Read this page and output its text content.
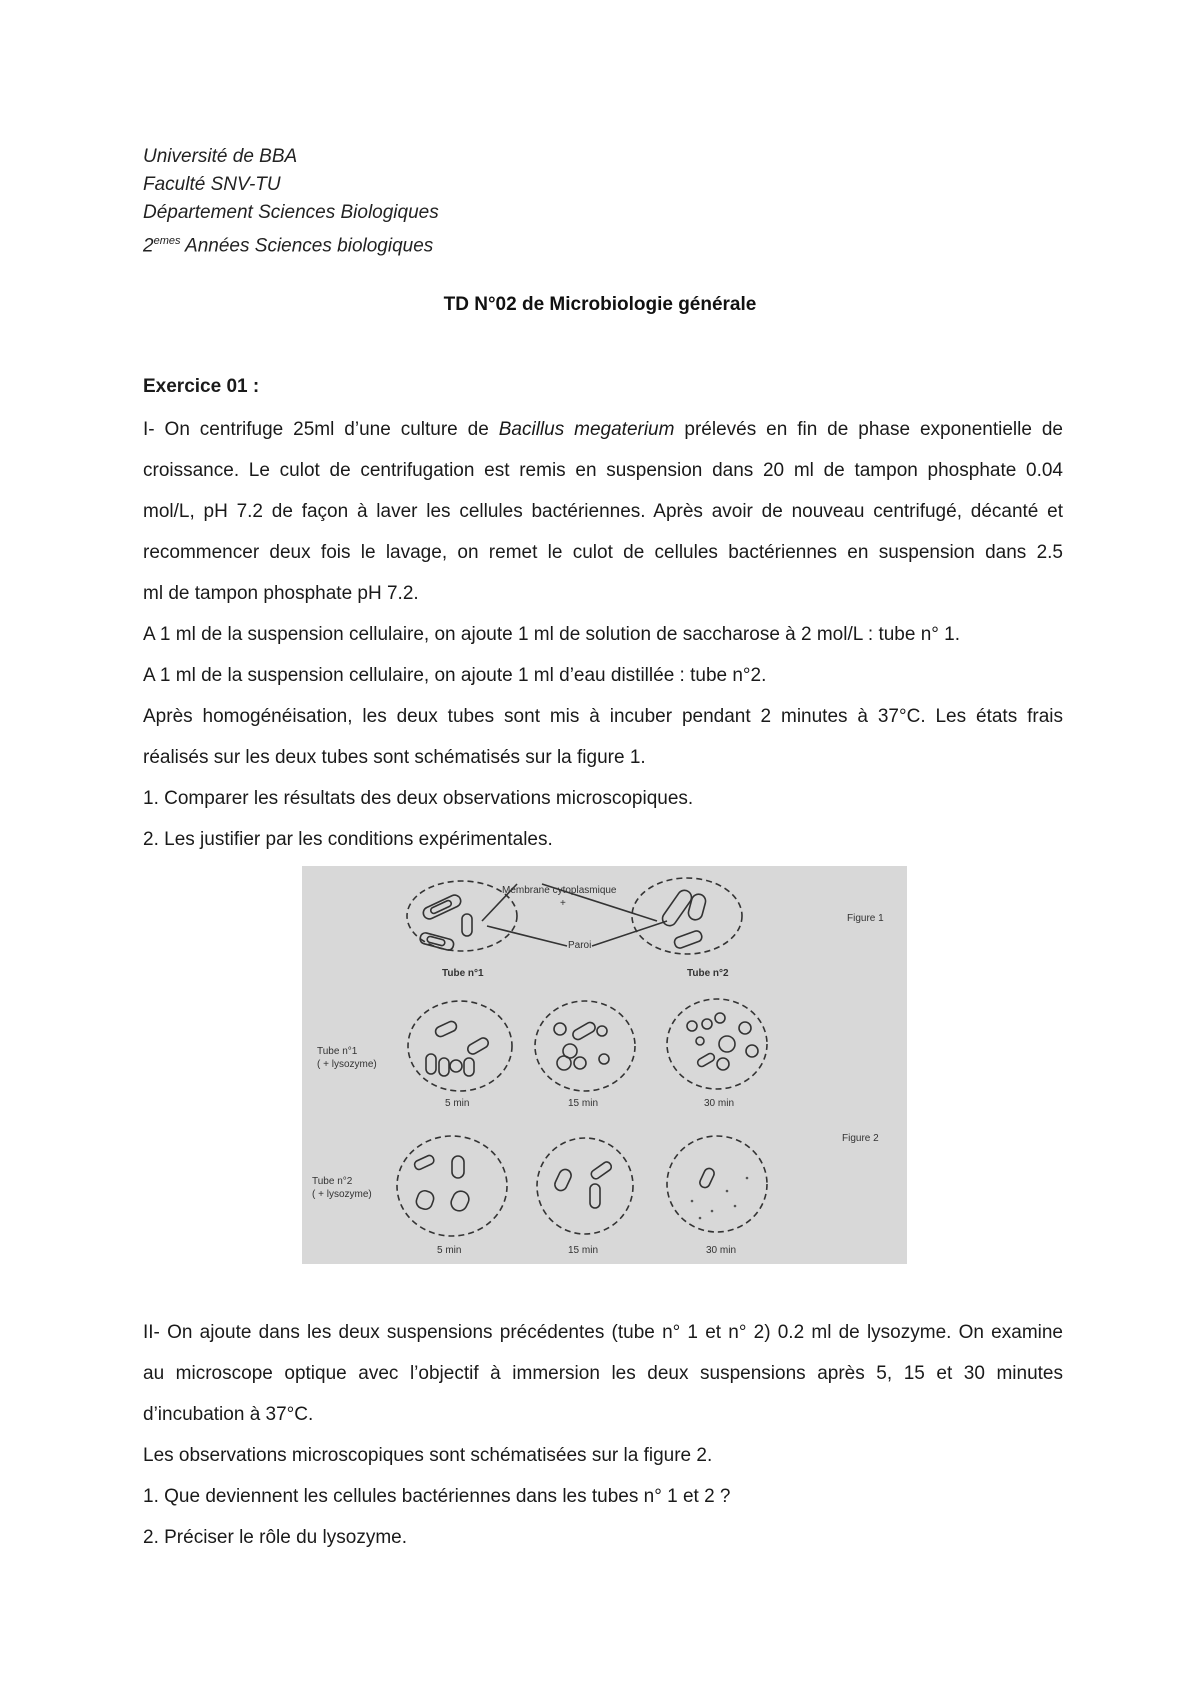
Université de BBA
Faculté SNV-TU
Département Sciences Biologiques
2emes Années Sciences biologiques
TD N°02 de Microbiologie générale
Exercice 01 :
I- On centrifuge 25ml d’une culture de Bacillus megaterium prélevés en fin de phase exponentielle de
croissance. Le culot de centrifugation est remis en suspension dans 20 ml de tampon phosphate 0.04
mol/L, pH 7.2 de façon à laver les cellules bactériennes. Après avoir de nouveau centrifugé, décanté et
recommencer deux fois le lavage, on remet le culot de cellules bactériennes en suspension dans 2.5
ml de tampon phosphate pH 7.2.
A 1 ml de la suspension cellulaire, on ajoute 1 ml de solution de saccharose à 2 mol/L : tube n° 1.
A 1 ml de la suspension cellulaire, on ajoute 1 ml d’eau distillée : tube n°2.
Après homogénéisation, les deux tubes sont mis à incuber pendant 2 minutes à 37°C. Les états frais
réalisés sur les deux tubes sont schématisés sur la figure 1.
1. Comparer les résultats des deux observations microscopiques.
2. Les justifier par les conditions expérimentales.
Membrane cytoplasmique
+
Paroi
Figure 1
Figure 2
Tube n°1	Tube n°2
Tube n°1
( + lysozyme)
Tube n°2
( + lysozyme)
5 min	15 min	30 min
5 min	15 min	30 min
II- On ajoute dans les deux suspensions précédentes (tube n° 1 et n° 2) 0.2 ml de lysozyme. On examine
au microscope optique avec l’objectif à immersion les deux suspensions après 5, 15 et 30 minutes
d’incubation à 37°C.
Les observations microscopiques sont schématisées sur la figure 2.
1. Que deviennent les cellules bactériennes dans les tubes n° 1 et 2 ?
2. Préciser le rôle du lysozyme.
